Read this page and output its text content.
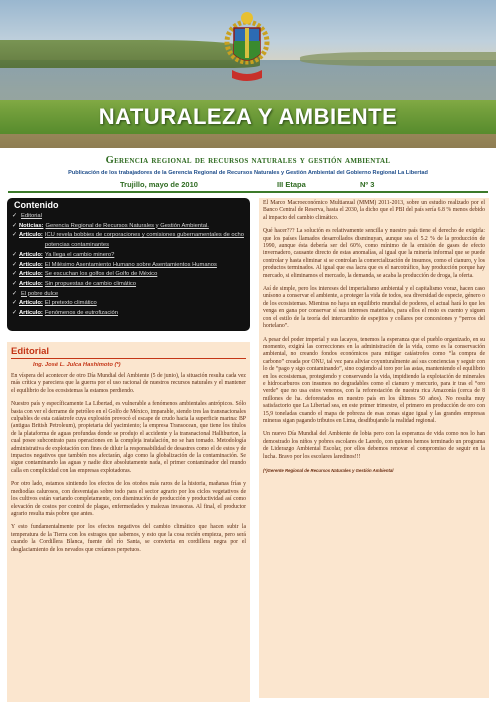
NATURALEZA Y AMBIENTE
Gerencia regional de recursos naturales y gestión ambiental
Publicación de los trabajadores de la Gerencia Regional de Recursos Naturales y Gestión Ambiental del Gobierno Regional La Libertad
Trujillo, mayo de 2010	III Etapa	Nº 3
Contenido
✓ Editorial
✓ Noticias: Gerencia Regional de Recursos Naturales y Gestión Ambiental.
✓ Artículo: ICU revela bobbies de corporaciones y comisiones gubernamentales de ocho potencias contaminantes
✓ Artículo: Ya llega el cambio minero?
✓ Artículo: El Milésimo Asentamiento Humano sobre Asentamientos Humanos
✓ Artículo: Se escuchan los golfos del Golfo de México
✓ Artículo: Sin propuestas de cambio climático
✓ El pobre dulce
✓ Artículo: El pretexto climático
✓ Artículo: Fenómenos de eutrofización
Editorial
Ing. José L. Julca Hashimoto (*)

En víspera del acontecer de otro Día Mundial del Ambiente (5 de junio), la situación resulta cada vez más crítica y pareciera que la guerra por el uso racional de nuestros recursos naturales y el mantener el equilibrio de los ecosistemas la estamos perdiendo.

Nuestro país y específicamente La Libertad, es vulnerable a fenómenos ambientales antrópicos. Sólo basta con ver el derrame de petróleo en el Golfo de México, imparable, siendo tres las transnacionales culpables de esta catástrofe cuya explosión provocó el escape de crudo hacia la superficie marina: BP (antigua British Petroleum), propietaria del yacimiento; la empresa Transocean, que tiene los títulos de la plataforma de aguas profundas donde se produjo el accidente y la transnacional Halliburton, la cual posee subcontrato para operaciones en la compleja instalación, no se han tomado. Metodología administrativa de explotación con fines de diluir la responsabilidad de desastres como el de estos y de impactos negativos que también nos afectarán, algo como la globalización de la contaminación. Se sigue contaminando las aguas y nadie dice absolutamente nada, el primer contaminador del mundo calla en complicidad con las empresas explotadoras.

Por otro lado, estamos sintiendo los efectos de los otoños más raros de la historia, mañanas frías y mediodías calurosos, con desventajas sobre todo para el sector agrario por los ciclos vegetativos de los cultivos están variando completamente, con disminución de producción y productividad así como elevación de costos por control de plagas, enfermedades y malezas invasoras. Al final, el productor agrario resulta más pobre que antes.

Y esto fundamentalmente por los efectos negativos del cambio climático que hacen subir la temperatura de la Tierra con los estragos que sabemos, y esto que la cosa recién empieza, pero será cuando la Cordillera Blanca, fuente del río Santa, se convierta en cordillera negra por el desglaciamiento de los nevados que creíamos perpetuos.

El Marco Macroeconómico Multianual (MMM) 2011-2013, sobre un estudio realizado por el Banco Central de Reserva, hasta el 2030, la dicho que el PBI del país sería 6.8 % menos debido al impacto del cambio climático.

Qué hacer??? La solución es relativamente sencilla y nuestro país tiene el derecho de exigirla: que los países llamados desarrollados disminuyan, aunque sea el 5.2 % de la producción de 1990, aunque ésta debería ser del 60%, como mínimo de la emisión de gases de efecto invernadero, causante directo de estas anomalías, al igual que la minería informal que se puede controlar y hasta eliminar si se controlan la comercialización de insumos, como el cianuro, y los productos terminados. Al igual que esa lacra que es el narcotráfico, hay producción porque hay mercado, si eliminamos el mercado, la demanda, se acaba la producción de droga, la oferta.

Así de simple, pero los intereses del imperialismo ambiental y el capitalismo voraz, hacen caso unísono a conservar el ambiente, a proteger la vida de todos, sea diversidad de especie, género o de los ecosistemas. Mientras no haya un equilibrio mundial de poderes, el actual hará lo que les venga en gana por conservar sí sus intereses materiales, para ellos el resto es cuento y siguen con el estilo de la teoría del intercambio de espejitos y collares por concesiones y “perros del hortelano”.

A pesar del poder imperial y sus lacayos, tenemos la esperanza que el pueblo organizado, en su momento, exigirá las correcciones en la administración de la vida, como es la conservación ambiental, no creando fondos económicos para mitigar catástrofes como “la compra de carbono” creada por ONU, tal vez para aliviar coyunturalmente así sus conciencias y seguir con lo de “pago y sigo contaminando”, sino cogiendo al toro por las astas, manteniendo el equilibrio en los ecosistemas, protegiendo y conservando la vida, impidiendo la explotación de minerales e hidrocarburos con insumos no degradables como el cianuro y mercurio, para ir tras el “oro verde” que no usa estos venenos, con la reforestación de nuestra rica Amazonía (cerca de 8 millones de ha. deforestados en nuestro país en los últimos 50 años). No resulta muy satisfactorio que La Libertad sea, en este primer trimestre, el primero en producción de oro con 15,9 toneladas cuando el mapa de pobreza de esas zonas sigue igual y las grandes empresas mineras sigan pagando tributos en Lima, desdibujando la realidad regional.

Un nuevo Día Mundial del Ambiente de lobia pero con la esperanza de vida como nos lo han demostrado los niños y pobres escolares de Laredo, con quienes hemos terminado un programa de Liderazgo Ambiental Escolar, por ellos debemos renovar el compromiso de seguir en la lucha. Bravo por los escolares laredinos!!!

(*)Gerente Regional de Recursos Naturales y Gestión Ambiental
